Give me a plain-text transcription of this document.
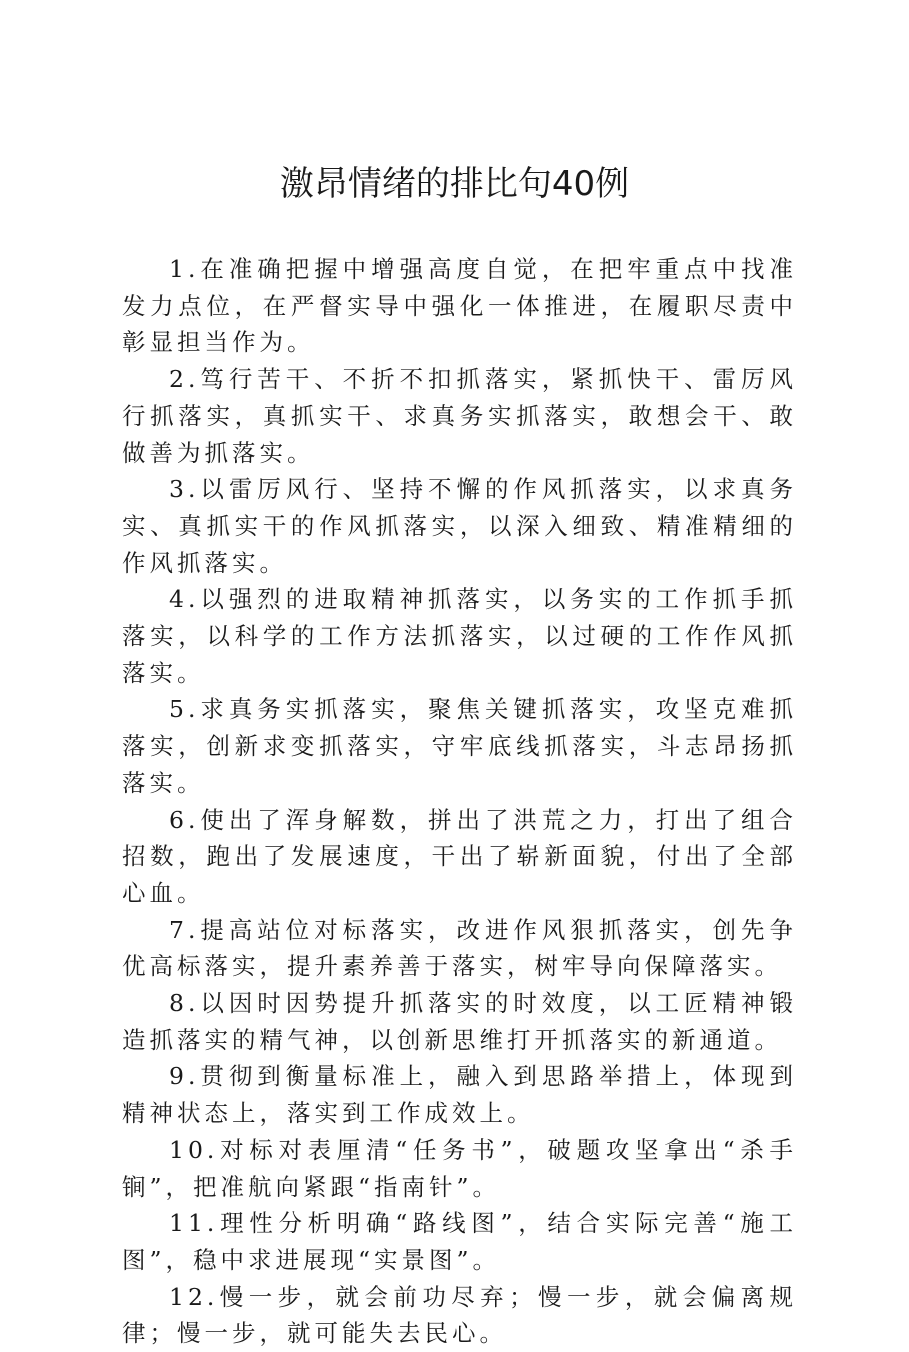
激昂情绪的排比句40例

1.在准确把握中增强高度自觉，在把牢重点中找准发力点位，在严督实导中强化一体推进，在履职尽责中彰显担当作为。

2.笃行苦干、不折不扣抓落实，紧抓快干、雷厉风行抓落实，真抓实干、求真务实抓落实，敢想会干、敢做善为抓落实。

3.以雷厉风行、坚持不懈的作风抓落实，以求真务实、真抓实干的作风抓落实，以深入细致、精准精细的作风抓落实。

4.以强烈的进取精神抓落实，以务实的工作抓手抓落实，以科学的工作方法抓落实，以过硬的工作作风抓落实。

5.求真务实抓落实，聚焦关键抓落实，攻坚克难抓落实，创新求变抓落实，守牢底线抓落实，斗志昂扬抓落实。

6.使出了浑身解数，拼出了洪荒之力，打出了组合招数，跑出了发展速度，干出了崭新面貌，付出了全部心血。

7.提高站位对标落实，改进作风狠抓落实，创先争优高标落实，提升素养善于落实，树牢导向保障落实。

8.以因时因势提升抓落实的时效度，以工匠精神锻造抓落实的精气神，以创新思维打开抓落实的新通道。

9.贯彻到衡量标准上，融入到思路举措上，体现到精神状态上，落实到工作成效上。

10.对标对表厘清“任务书”，破题攻坚拿出“杀手锏”，把准航向紧跟“指南针”。

11.理性分析明确“路线图”，结合实际完善“施工图”，稳中求进展现“实景图”。

12.慢一步，就会前功尽弃；慢一步，就会偏离规律；慢一步，就可能失去民心。
